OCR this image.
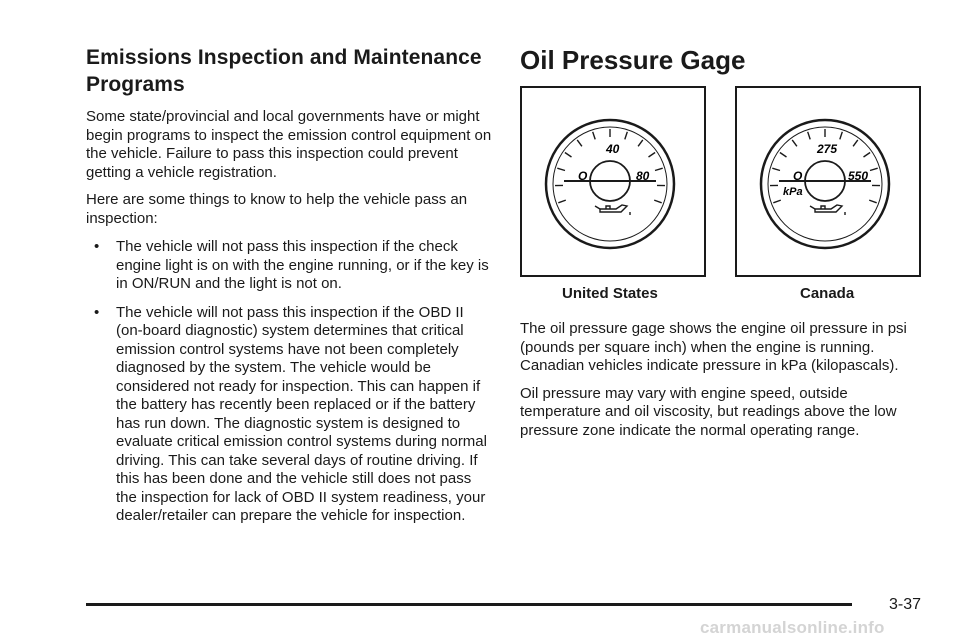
Emissions Inspection and Maintenance
Programs

Some state/provincial and local governments have or might begin programs to inspect the emission control equipment on the vehicle. Failure to pass this inspection could prevent getting a vehicle registration.

Here are some things to know to help the vehicle pass an inspection:

• The vehicle will not pass this inspection if the check engine light is on with the engine running, or if the key is in ON/RUN and the light is not on.
• The vehicle will not pass this inspection if the OBD II (on-board diagnostic) system determines that critical emission control systems have not been completely diagnosed by the system. The vehicle would be considered not ready for inspection. This can happen if the battery has recently been replaced or if the battery has run down. The diagnostic system is designed to evaluate critical emission control systems during normal driving. This can take several days of routine driving. If this has been done and the vehicle still does not pass the inspection for lack of OBD II system readiness, your dealer/retailer can prepare the vehicle for inspection.
Oil Pressure Gage
O
40
80	O
275
550
kPa
United States	Canada

The oil pressure gage shows the engine oil pressure in psi (pounds per square inch) when the engine is running. Canadian vehicles indicate pressure in kPa (kilopascals).

Oil pressure may vary with engine speed, outside temperature and oil viscosity, but readings above the low pressure zone indicate the normal operating range.

3-37
carmanualsonline.info
